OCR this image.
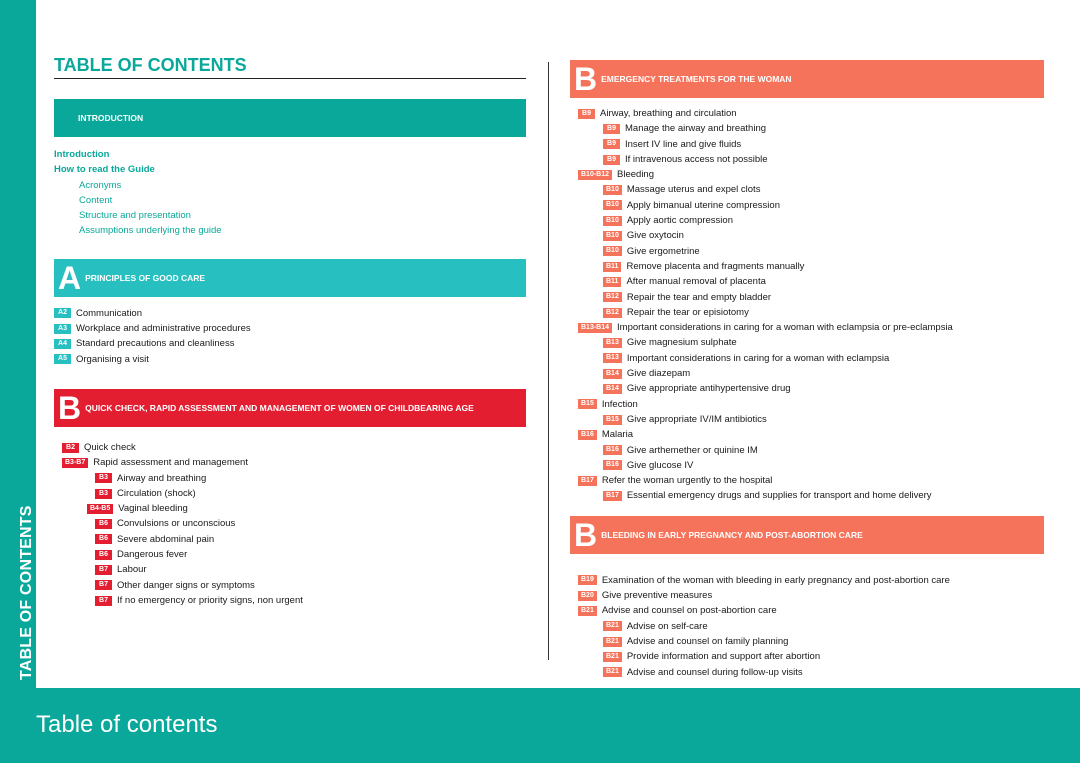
TABLE OF CONTENTS
TABLE OF CONTENTS
INTRODUCTION
Introduction
How to read the Guide
Acronyms
Content
Structure and presentation
Assumptions underlying the guide
A PRINCIPLES OF GOOD CARE
A2 Communication
A3 Workplace and administrative procedures
A4 Standard precautions and cleanliness
A5 Organising a visit
B QUICK CHECK, RAPID ASSESSMENT AND MANAGEMENT OF WOMEN OF CHILDBEARING AGE
B2 Quick check
B3-B7 Rapid assessment and management
B3 Airway and breathing
B3 Circulation (shock)
B4-B5 Vaginal bleeding
B6 Convulsions or unconscious
B6 Severe abdominal pain
B6 Dangerous fever
B7 Labour
B7 Other danger signs or symptoms
B7 If no emergency or priority signs, non urgent
B EMERGENCY TREATMENTS FOR THE WOMAN
B9 Airway, breathing and circulation
B9 Manage the airway and breathing
B9 Insert IV line and give fluids
B9 If intravenous access not possible
B10-B12 Bleeding
B10 Massage uterus and expel clots
B10 Apply bimanual uterine compression
B10 Apply aortic compression
B10 Give oxytocin
B10 Give ergometrine
B11 Remove placenta and fragments manually
B11 After manual removal of placenta
B12 Repair the tear and empty bladder
B12 Repair the tear or episiotomy
B13-B14 Important considerations in caring for a woman with eclampsia or pre-eclampsia
B13 Give magnesium sulphate
B13 Important considerations in caring for a woman with eclampsia
B14 Give diazepam
B14 Give appropriate antihypertensive drug
B15 Infection
B15 Give appropriate IV/IM antibiotics
B16 Malaria
B16 Give arthemether or quinine IM
B16 Give glucose IV
B17 Refer the woman urgently to the hospital
B17 Essential emergency drugs and supplies for transport and home delivery
B BLEEDING IN EARLY PREGNANCY AND POST-ABORTION CARE
B19 Examination of the woman with bleeding in early pregnancy and post-abortion care
B20 Give preventive measures
B21 Advise and counsel on post-abortion care
B21 Advise on self-care
B21 Advise and counsel on family planning
B21 Provide information and support after abortion
B21 Advise and counsel during follow-up visits
Table of contents
